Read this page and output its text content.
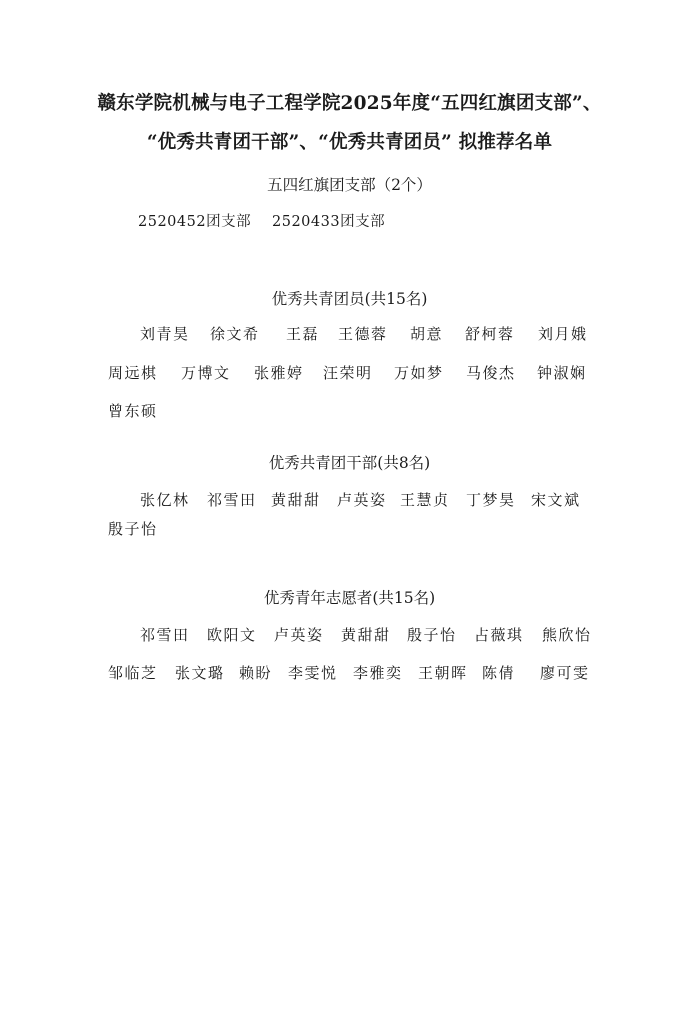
赣东学院机械与电子工程学院2025年度“五四红旗团支部”、
“优秀共青团干部”、“优秀共青团员” 拟推荐名单
五四红旗团支部（2个）
2520452团支部 2520433团支部
优秀共青团员(共15名)
刘青昊 徐文希 王磊 王德蓉 胡意 舒柯蓉 刘月娥
周远棋 万博文 张雅婷 汪荣明 万如梦 马俊杰 钟淑娴
曾东硕
优秀共青团干部(共8名)
张亿林 祁雪田 黄甜甜 卢英姿 王慧贞 丁梦昊 宋文斌
殷子怡
优秀青年志愿者(共15名)
祁雪田 欧阳文 卢英姿 黄甜甜 殷子怡 占薇琪 熊欣怡
邹临芝 张文璐 赖盼 李雯悦 李雅奕 王朝晖 陈倩 廖可雯
